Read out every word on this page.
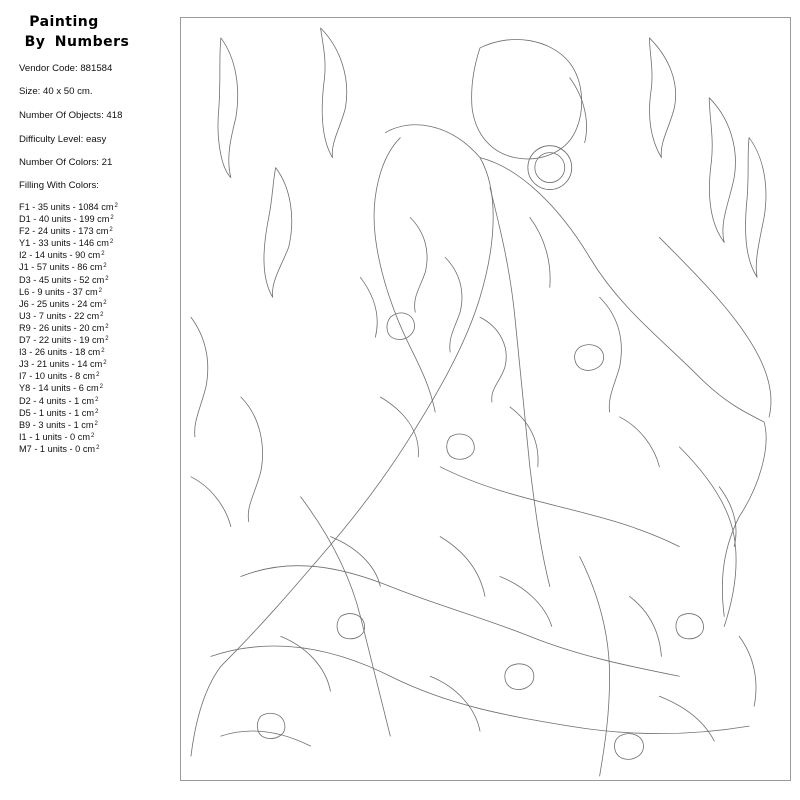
Painting
By Numbers
Vendor Code: 881584
Size: 40 x 50 cm.
Number Of Objects: 418
Difficulty Level: easy
Number Of Colors: 21
Filling With Colors:
F1 - 35 units - 1084 $cm^2$
D1 - 40 units - 199 $cm^2$
F2 - 24 units - 173 $cm^2$
Y1 - 33 units - 146 $cm^2$
I2 - 14 units - 90 $cm^2$
J1 - 57 units - 86 $cm^2$
D3 - 45 units - 52 $cm^2$
L6 - 9 units - 37 $cm^2$
J6 - 25 units - 24 $cm^2$
U3 - 7 units - 22 $cm^2$
R9 - 26 units - 20 $cm^2$
D7 - 22 units - 19 $cm^2$
I3 - 26 units - 18 $cm^2$
J3 - 21 units - 14 $cm^2$
I7 - 10 units - 8 $cm^2$
Y8 - 14 units - 6 $cm^2$
D2 - 4 units - 1 $cm^2$
D5 - 1 units - 1 $cm^2$
B9 - 3 units - 1 $cm^2$
I1 - 1 units - 0 $cm^2$
M7 - 1 units - 0 $cm^2$
